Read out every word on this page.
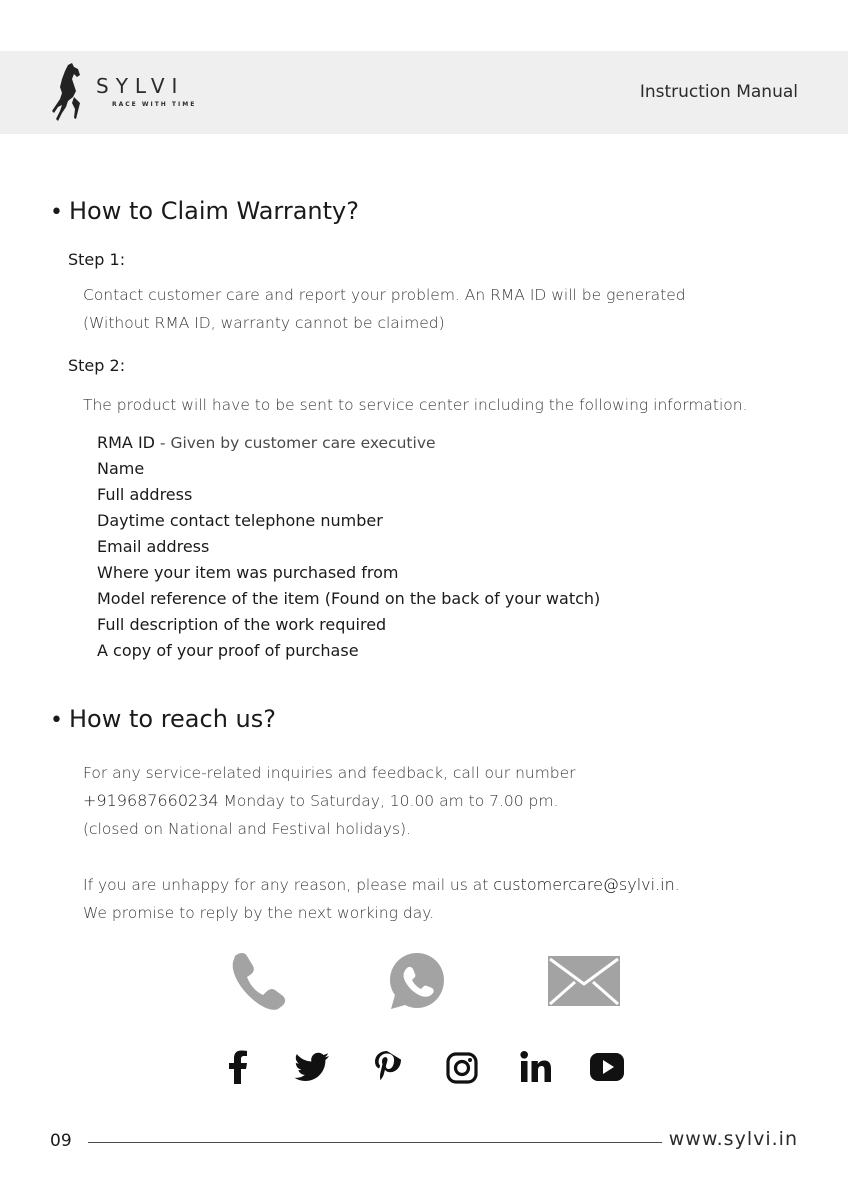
SYLVI
RACE WITH TIME
Instruction Manual
• How to Claim Warranty?
Step 1:
Contact customer care and report your problem. An RMA ID will be generated
(Without RMA ID, warranty cannot be claimed)
Step 2:
The product will have to be sent to service center including the following information.
RMA ID - Given by customer care executive
Name
Full address
Daytime contact telephone number
Email address
Where your item was purchased from
Model reference of the item (Found on the back of your watch)
Full description of the work required
A copy of your proof of purchase
• How to reach us?
For any service-related inquiries and feedback, call our number
+919687660234 Monday to Saturday, 10.00 am to 7.00 pm.
(closed on National and Festival holidays).
If you are unhappy for any reason, please mail us at customercare@sylvi.in.
We promise to reply by the next working day.
09	www.sylvi.in
